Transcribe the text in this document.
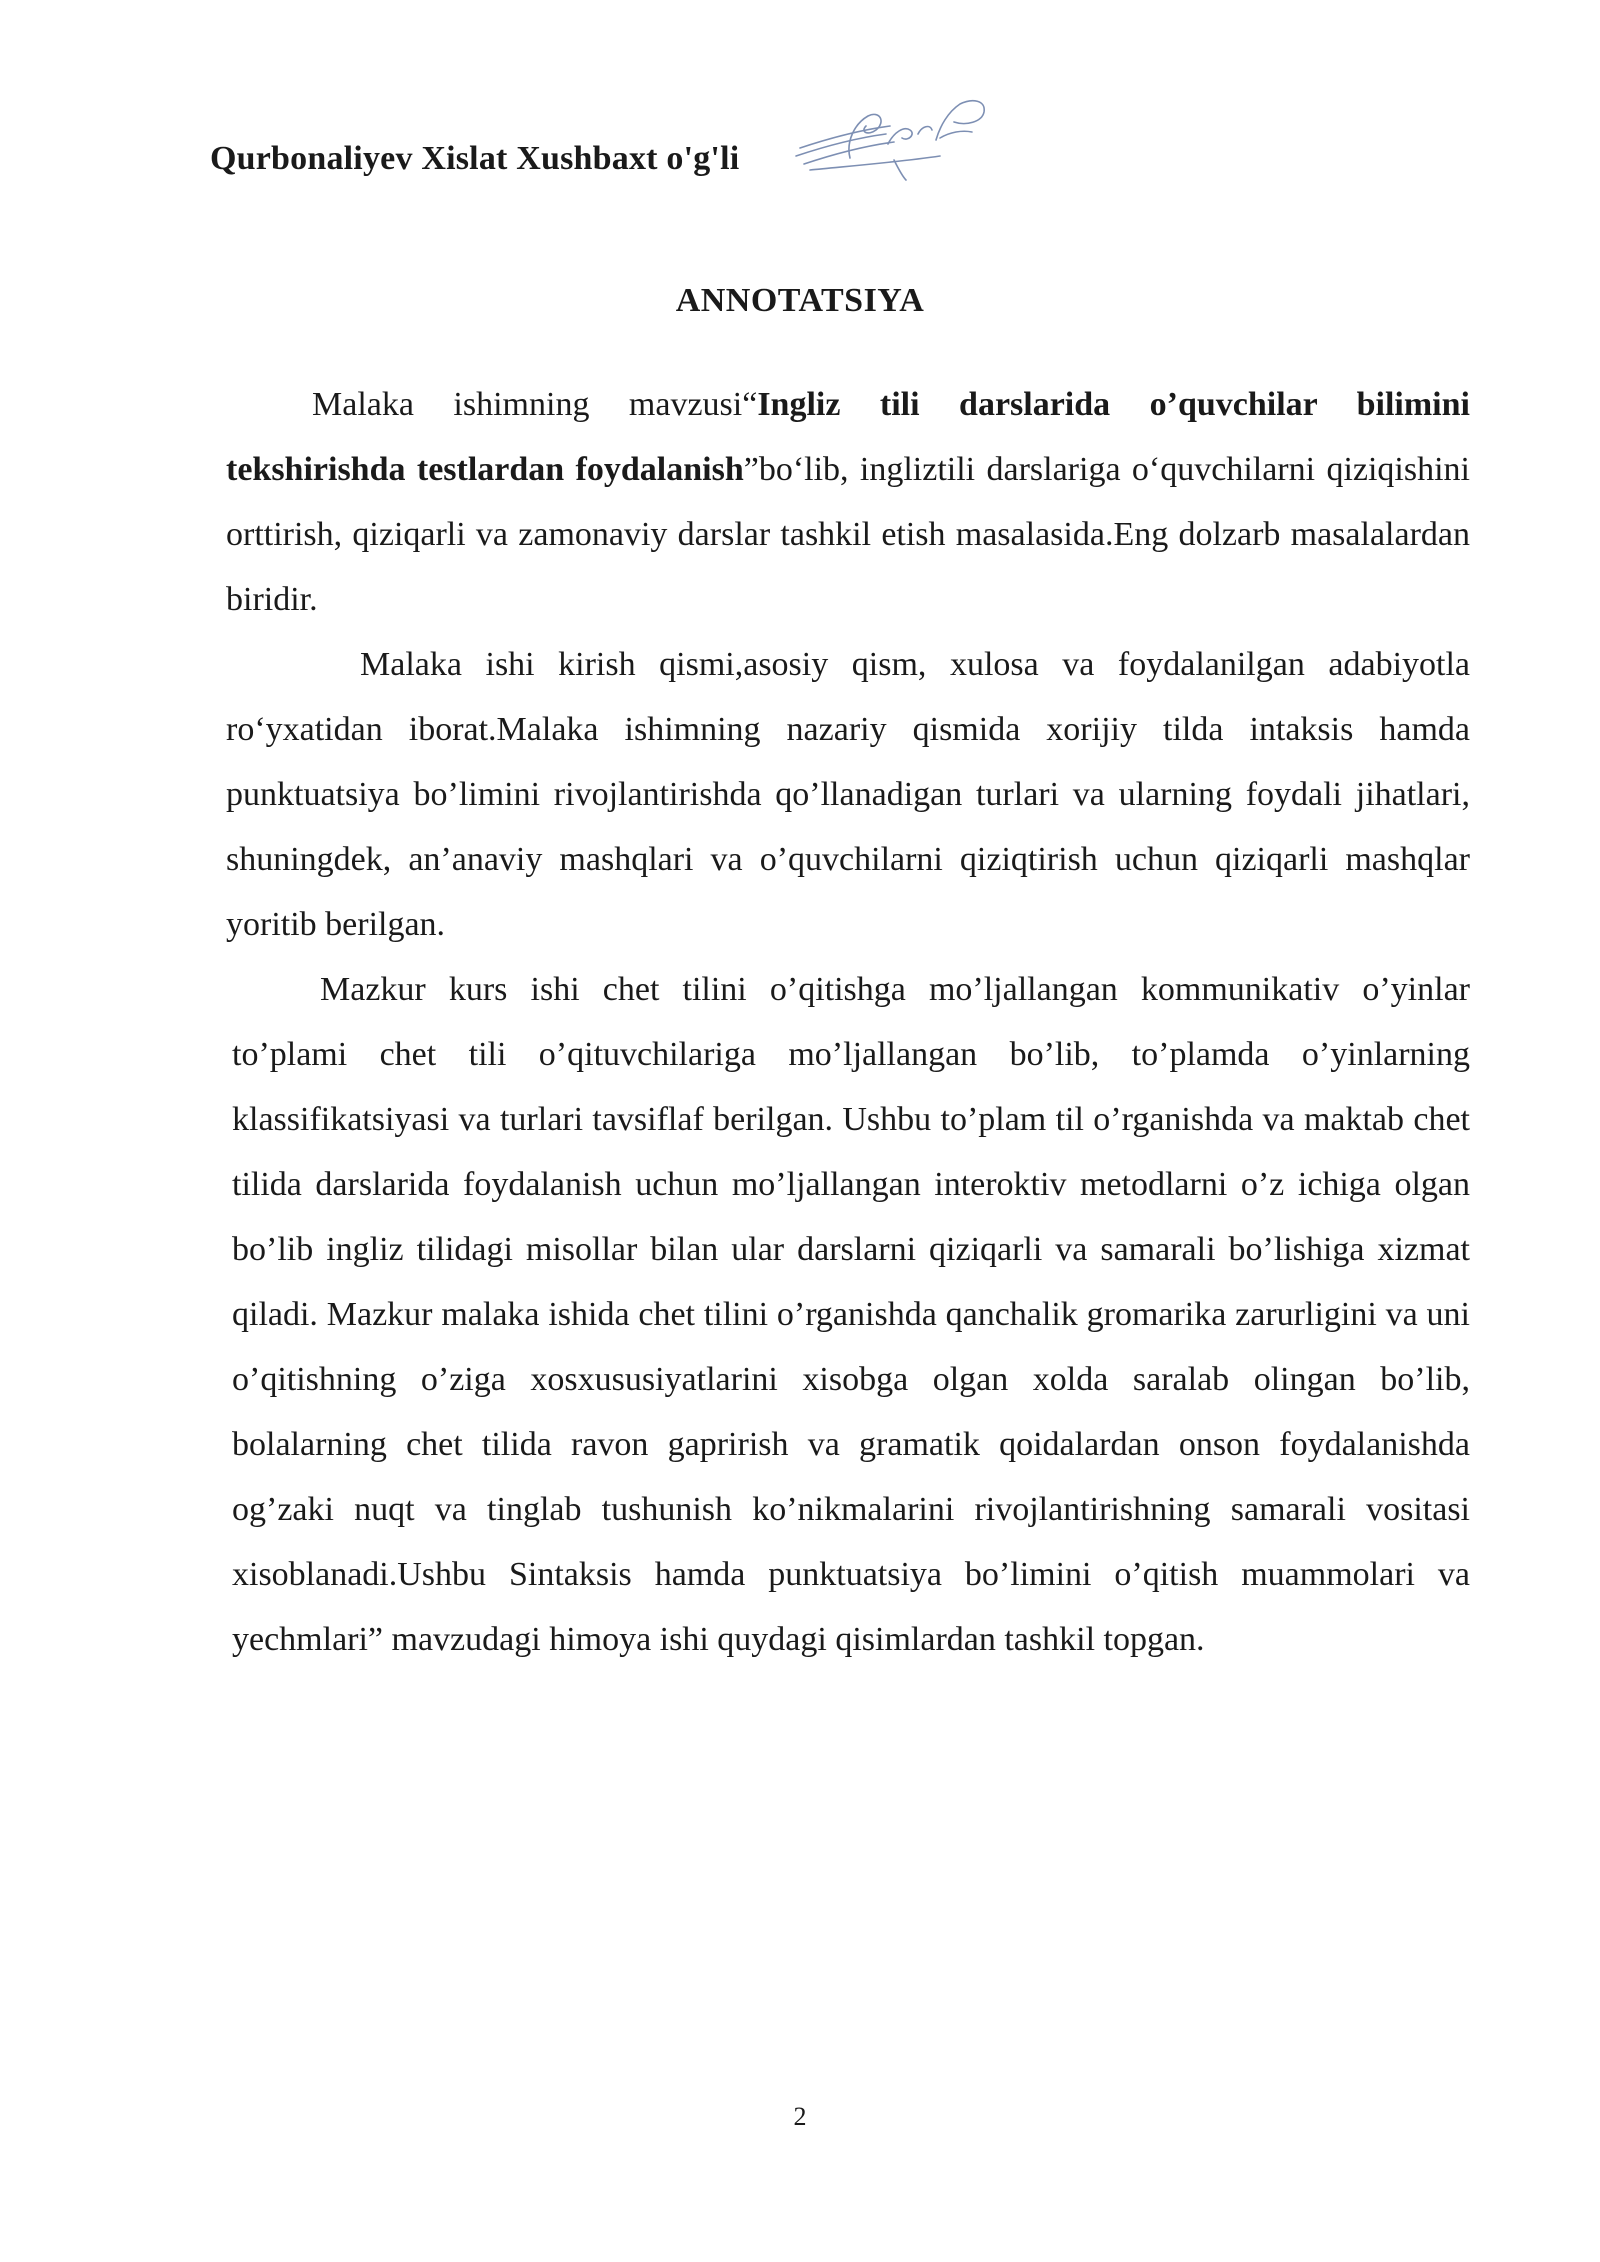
Qurbonaliyev Xislat Xushbaxt o'g'li
ANNOTATSIYA

Malaka ishimning mavzusi“Ingliz tili darslarida o’quvchilar bilimini tekshirishda testlardan foydalanish”bo‘lib, ingliztili darslariga o‘quvchilarni qiziqishini orttirish, qiziqarli va zamonaviy darslar tashkil etish masalasida.Eng dolzarb masalalardan biridir.

Malaka ishi kirish qismi,asosiy qism, xulosa va foydalanilgan adabiyotla ro‘yxatidan iborat.Malaka ishimning nazariy qismida xorijiy tilda intaksis hamda punktuatsiya bo’limini rivojlantirishda qo’llanadigan turlari va ularning foydali jihatlari, shuningdek, an’anaviy mashqlari va o’quvchilarni qiziqtirish uchun qiziqarli mashqlar yoritib berilgan.

Mazkur kurs ishi chet tilini o’qitishga mo’ljallangan kommunikativ o’yinlar to’plami chet tili o’qituvchilariga mo’ljallangan bo’lib, to’plamda o’yinlarning klassifikatsiyasi va turlari tavsiflaf berilgan. Ushbu to’plam til o’rganishda va maktab chet tilida darslarida foydalanish uchun mo’ljallangan interoktiv metodlarni o’z ichiga olgan bo’lib ingliz tilidagi misollar bilan ular darslarni qiziqarli va samarali bo’lishiga xizmat qiladi. Mazkur malaka ishida chet tilini o’rganishda qanchalik gromarika zarurligini va uni o’qitishning o’ziga xosxususiyatlarini xisobga olgan xolda saralab olingan bo’lib, bolalarning chet tilida ravon gaprirish va gramatik qoidalardan onson foydalanishda og’zaki nuqt va tinglab tushunish ko’nikmalarini rivojlantirishning samarali vositasi xisoblanadi.Ushbu Sintaksis hamda punktuatsiya bo’limini o’qitish muammolari va yechmlari” mavzudagi himoya ishi quydagi qisimlardan tashkil topgan.

2
